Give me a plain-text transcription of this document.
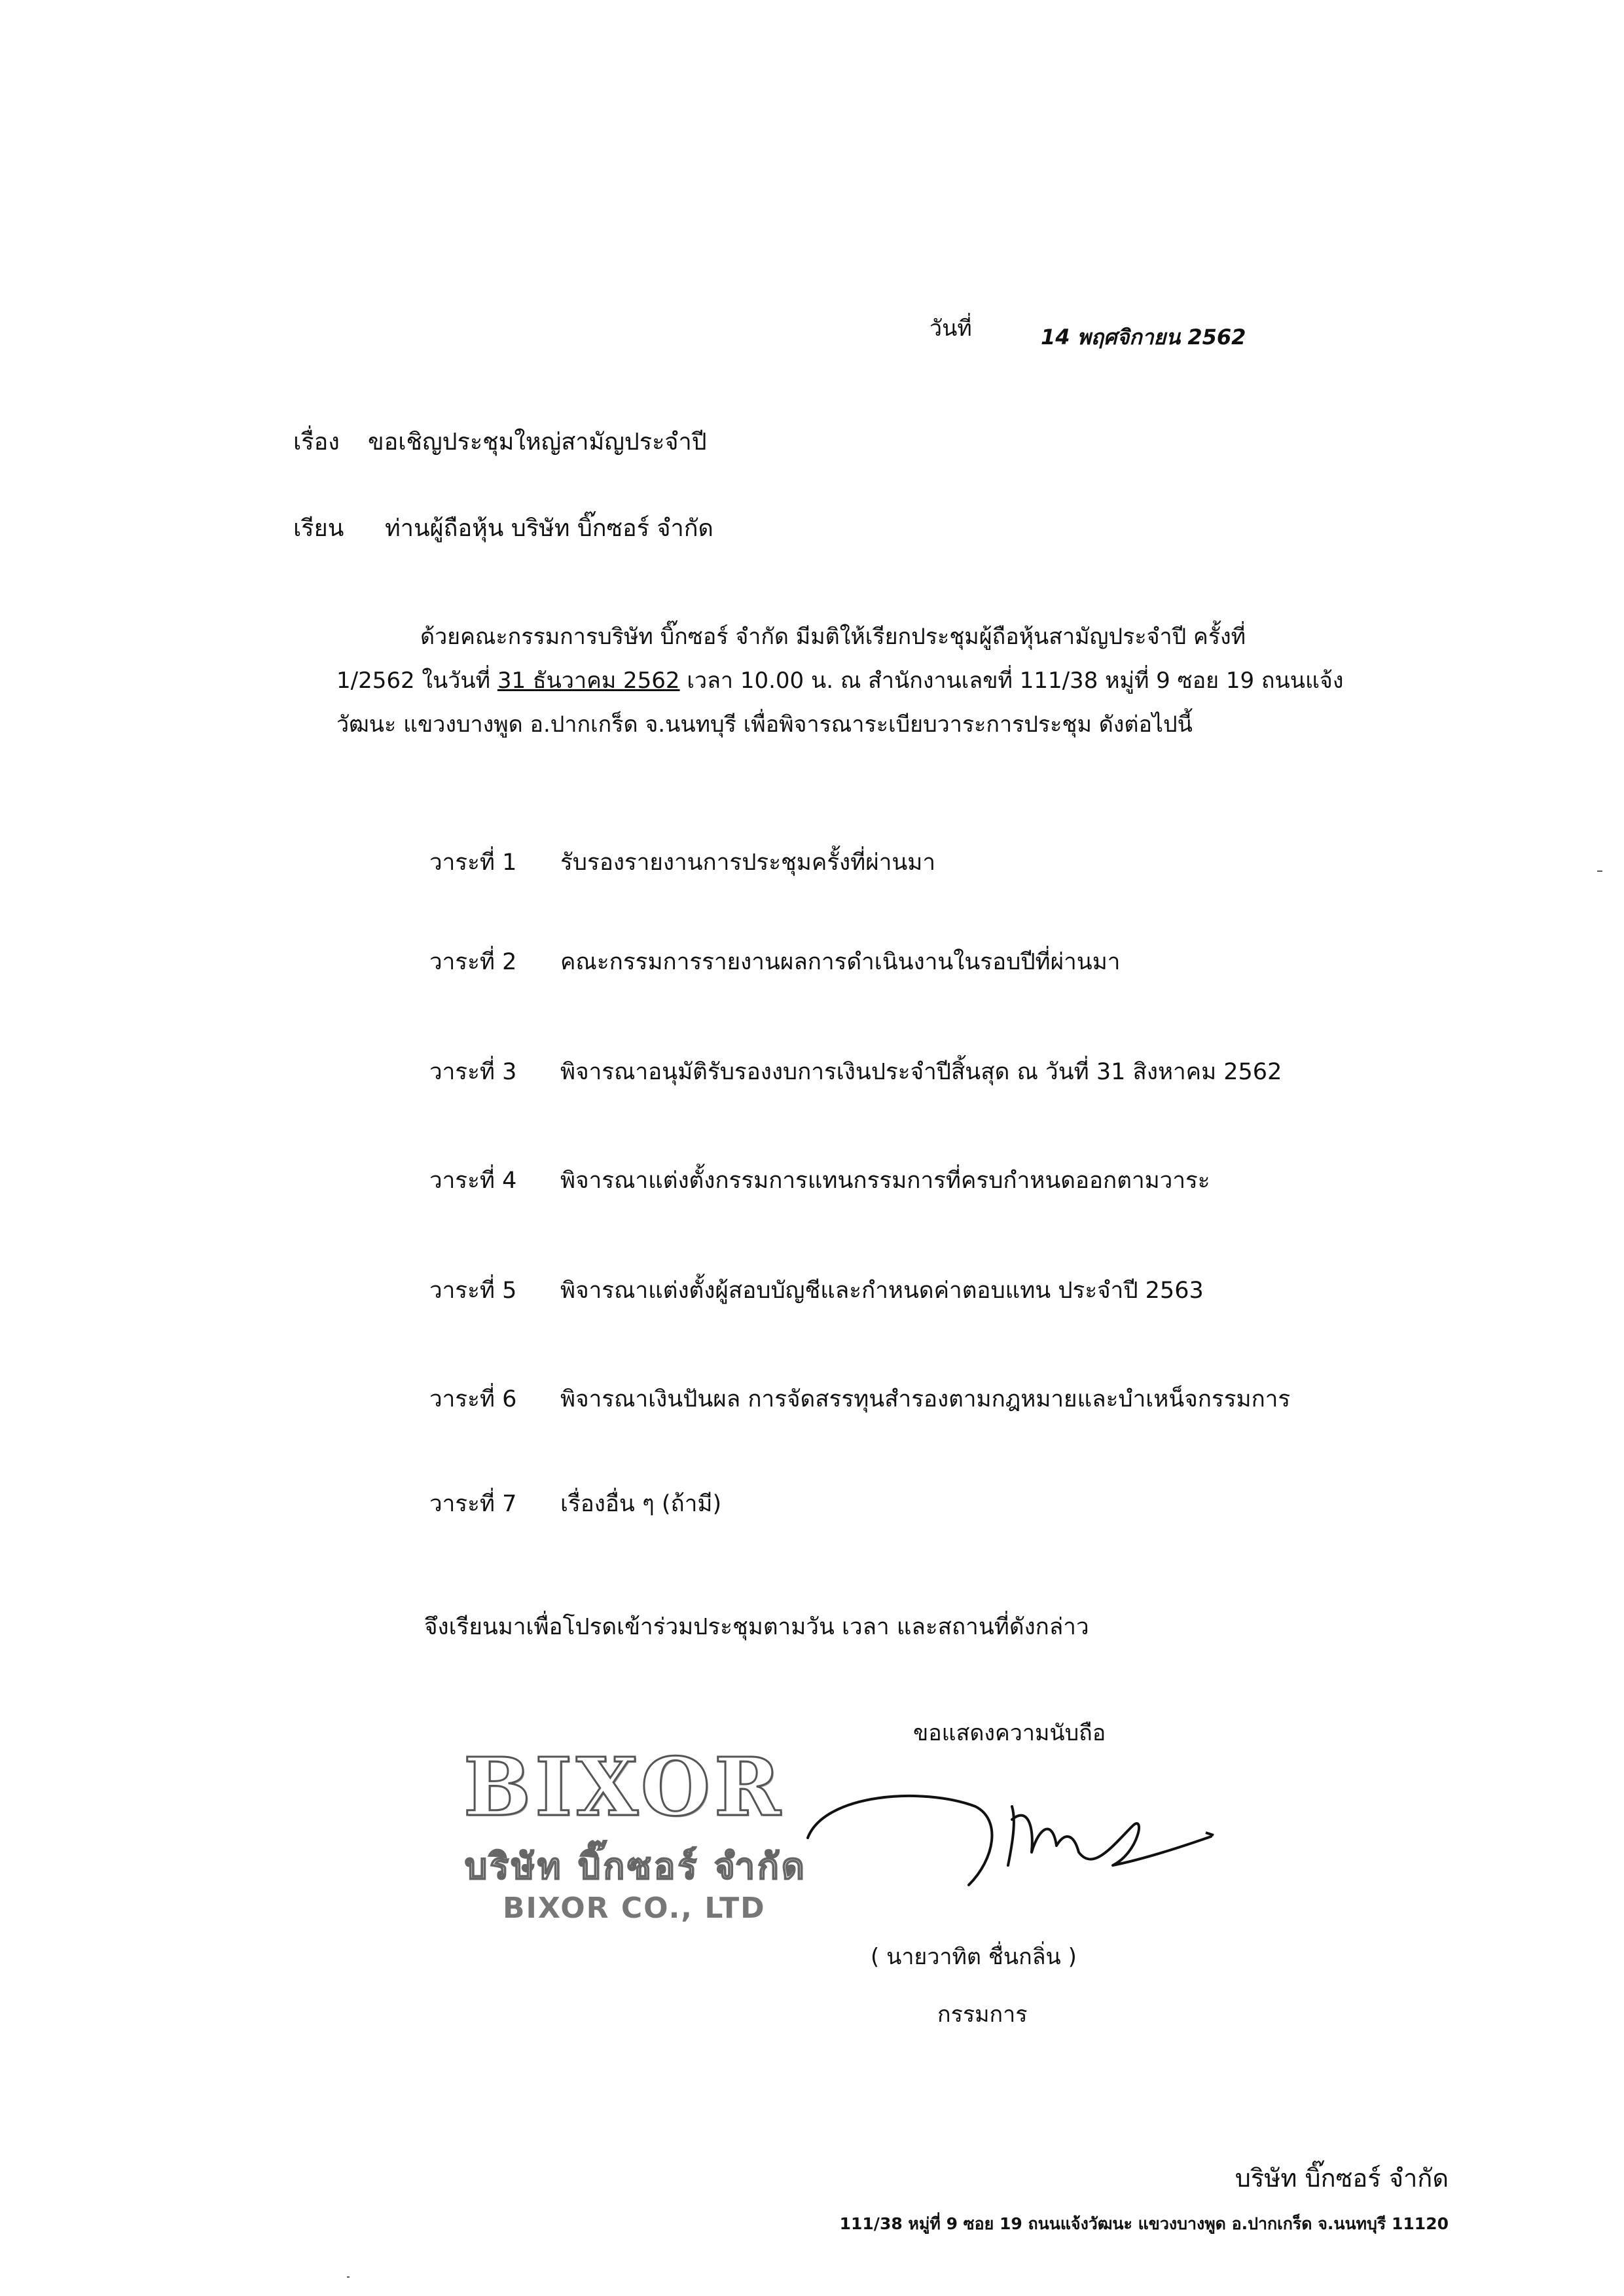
วันที่	14 พฤศจิกายน 2562
เรื่อง ขอเชิญประชุมใหญ่สามัญประจำปี
เรียน ท่านผู้ถือหุ้น บริษัท บิ๊กซอร์ จำกัด
ด้วยคณะกรรมการบริษัท บิ๊กซอร์ จำกัด มีมติให้เรียกประชุมผู้ถือหุ้นสามัญประจำปี ครั้งที่
1/2562 ในวันที่ 31 ธันวาคม 2562 เวลา 10.00 น. ณ สำนักงานเลขที่ 111/38 หมู่ที่ 9 ซอย 19 ถนนแจ้ง
วัฒนะ แขวงบางพูด อ.ปากเกร็ด จ.นนทบุรี เพื่อพิจารณาระเบียบวาระการประชุม ดังต่อไปนี้
วาระที่ 1 รับรองรายงานการประชุมครั้งที่ผ่านมา
วาระที่ 2 คณะกรรมการรายงานผลการดำเนินงานในรอบปีที่ผ่านมา
วาระที่ 3 พิจารณาอนุมัติรับรองงบการเงินประจำปีสิ้นสุด ณ วันที่ 31 สิงหาคม 2562
วาระที่ 4 พิจารณาแต่งตั้งกรรมการแทนกรรมการที่ครบกำหนดออกตามวาระ
วาระที่ 5 พิจารณาแต่งตั้งผู้สอบบัญชีและกำหนดค่าตอบแทน ประจำปี 2563
วาระที่ 6 พิจารณาเงินปันผล การจัดสรรทุนสำรองตามกฎหมายและบำเหน็จกรรมการ
วาระที่ 7 เรื่องอื่น ๆ (ถ้ามี)
จึงเรียนมาเพื่อโปรดเข้าร่วมประชุมตามวัน เวลา และสถานที่ดังกล่าว
ขอแสดงความนับถือ
BIXOR
บริษัท บิ๊กซอร์ จำกัด
BIXOR CO., LTD
( นายวาทิต ชื่นกลิ่น )
กรรมการ
บริษัท บิ๊กซอร์ จำกัด
111/38 หมู่ที่ 9 ซอย 19 ถนนแจ้งวัฒนะ แขวงบางพูด อ.ปากเกร็ด จ.นนทบุรี 11120
